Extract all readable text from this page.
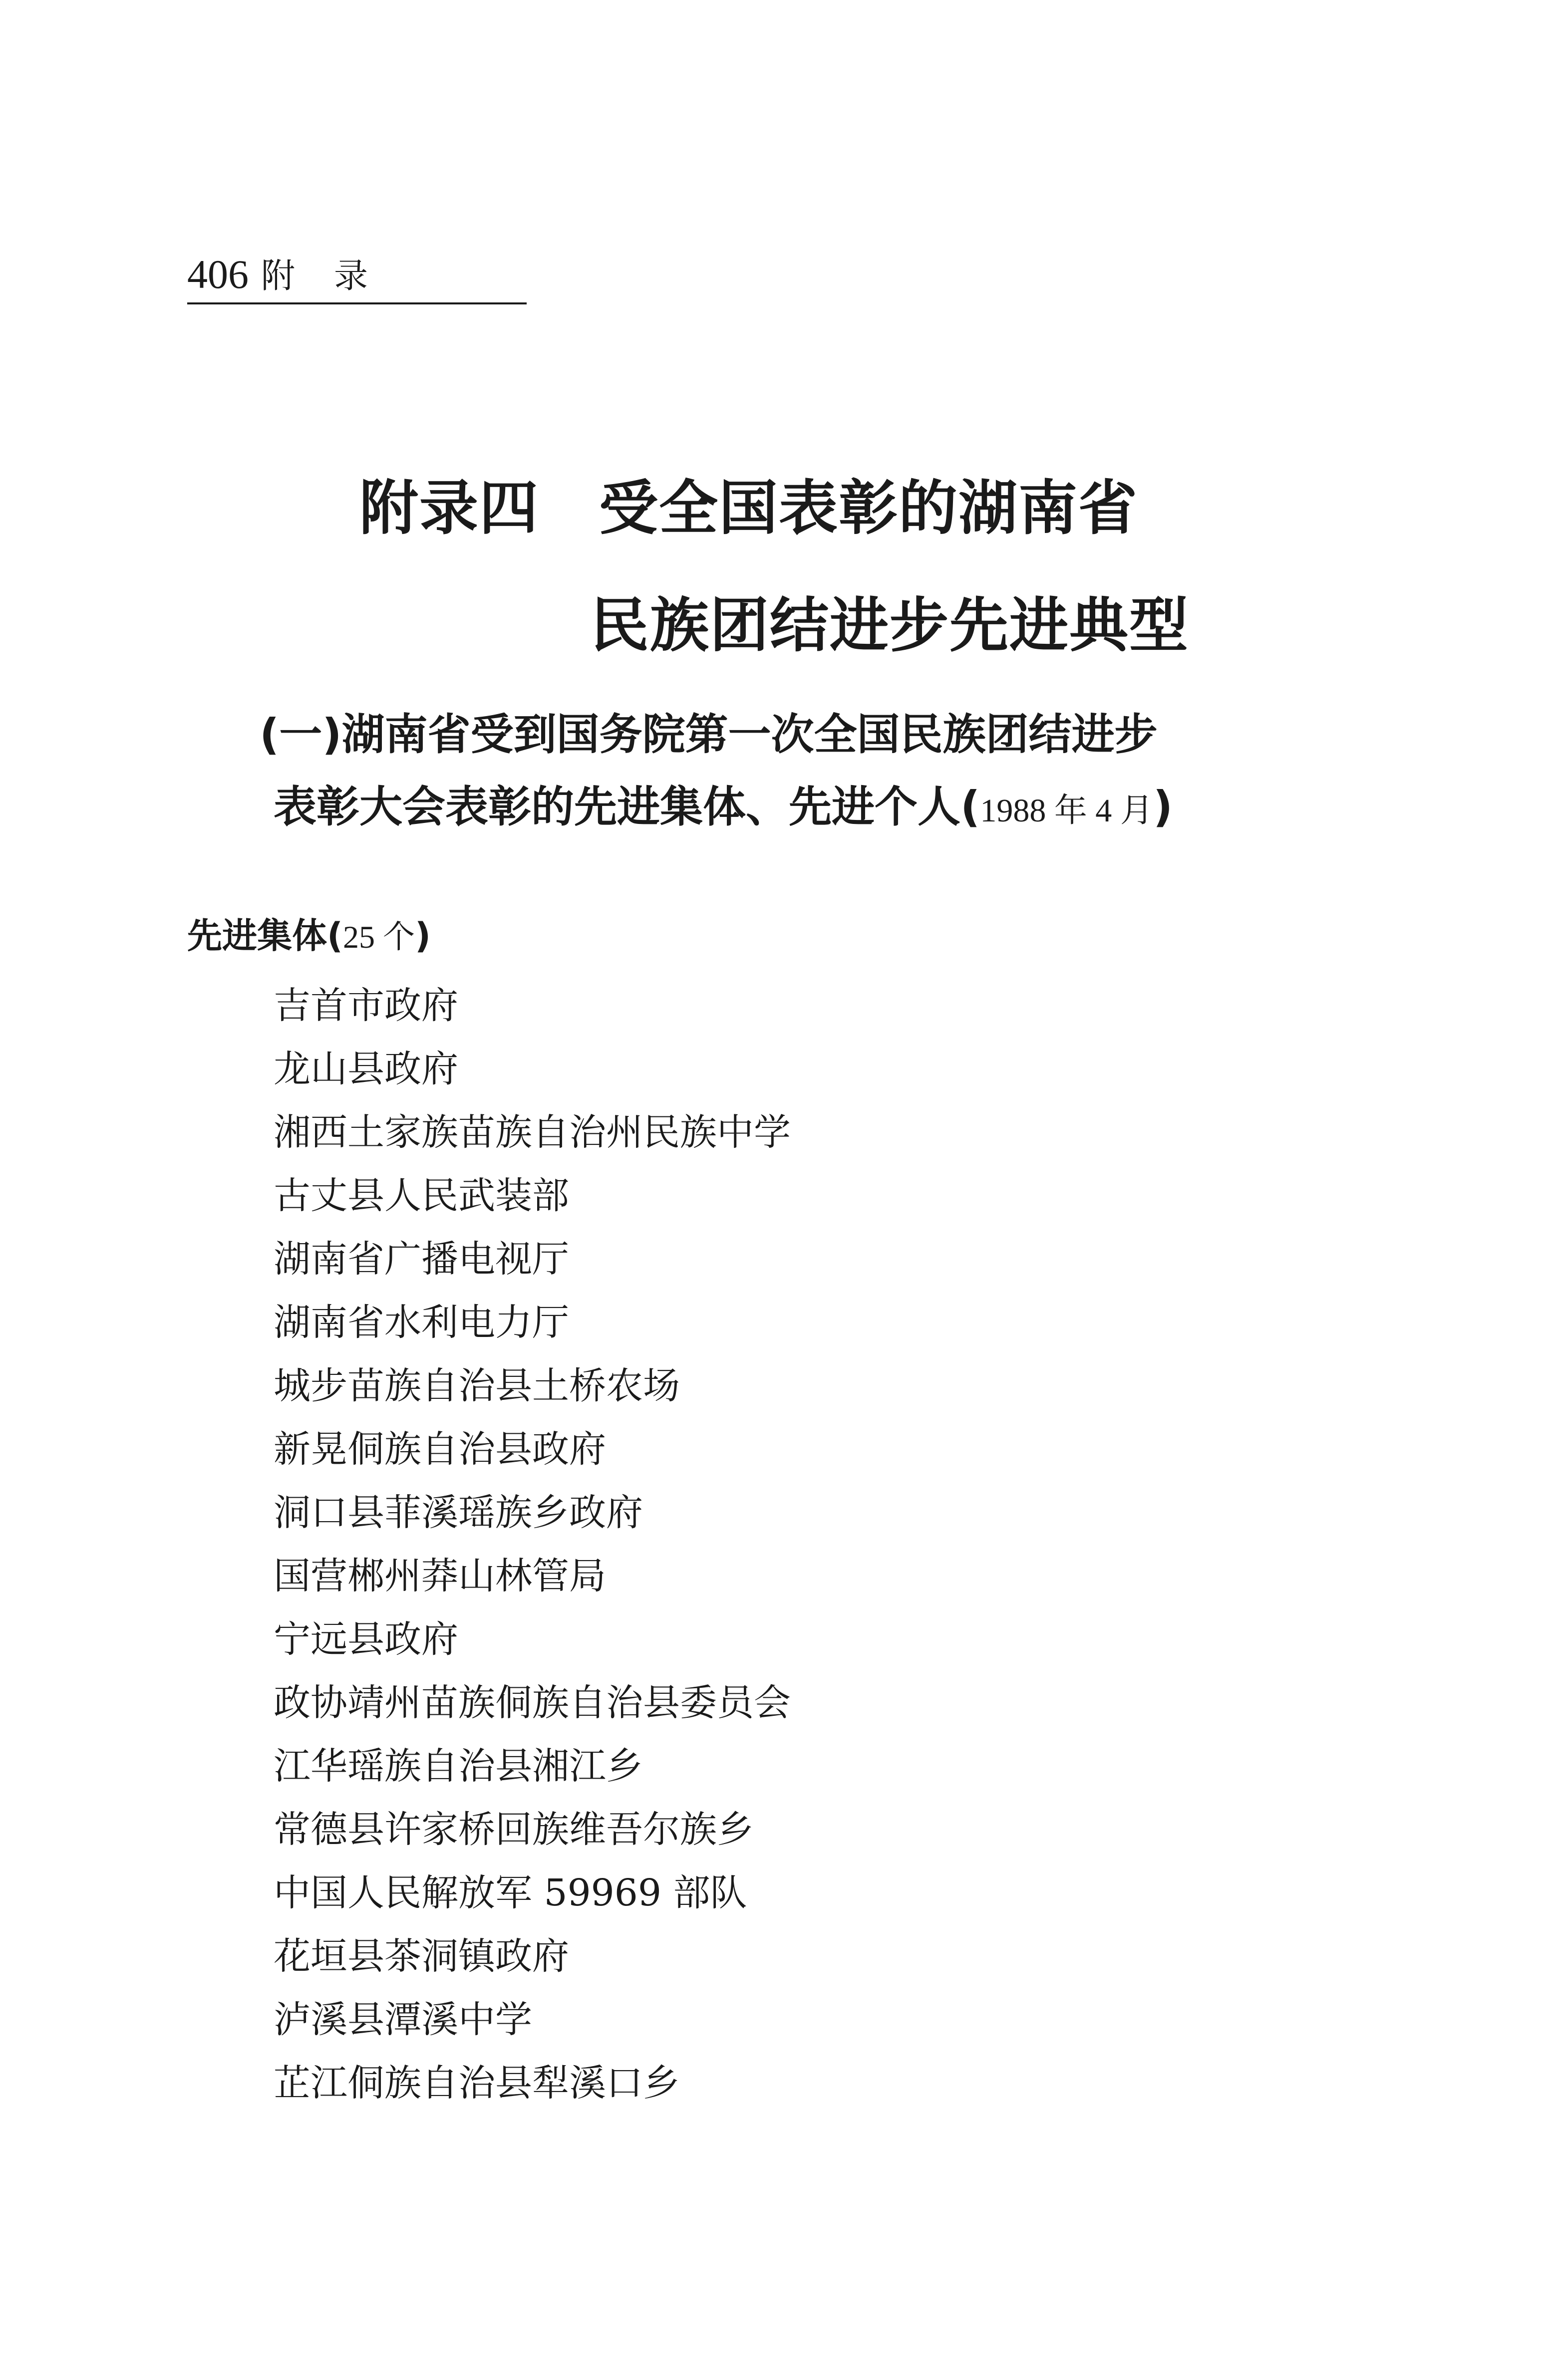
406 附录
附录四 受全国表彰的湖南省
民族团结进步先进典型
(一)湖南省受到国务院第一次全国民族团结进步
表彰大会表彰的先进集体、先进个人(1988 年 4 月)
先进集体(25 个)
吉首市政府
龙山县政府
湘西土家族苗族自治州民族中学
古丈县人民武装部
湖南省广播电视厅
湖南省水利电力厅
城步苗族自治县土桥农场
新晃侗族自治县政府
洞口县菲溪瑶族乡政府
国营郴州莽山林管局
宁远县政府
政协靖州苗族侗族自治县委员会
江华瑶族自治县湘江乡
常德县许家桥回族维吾尔族乡
中国人民解放军 59969 部队
花垣县茶洞镇政府
泸溪县潭溪中学
芷江侗族自治县犁溪口乡
